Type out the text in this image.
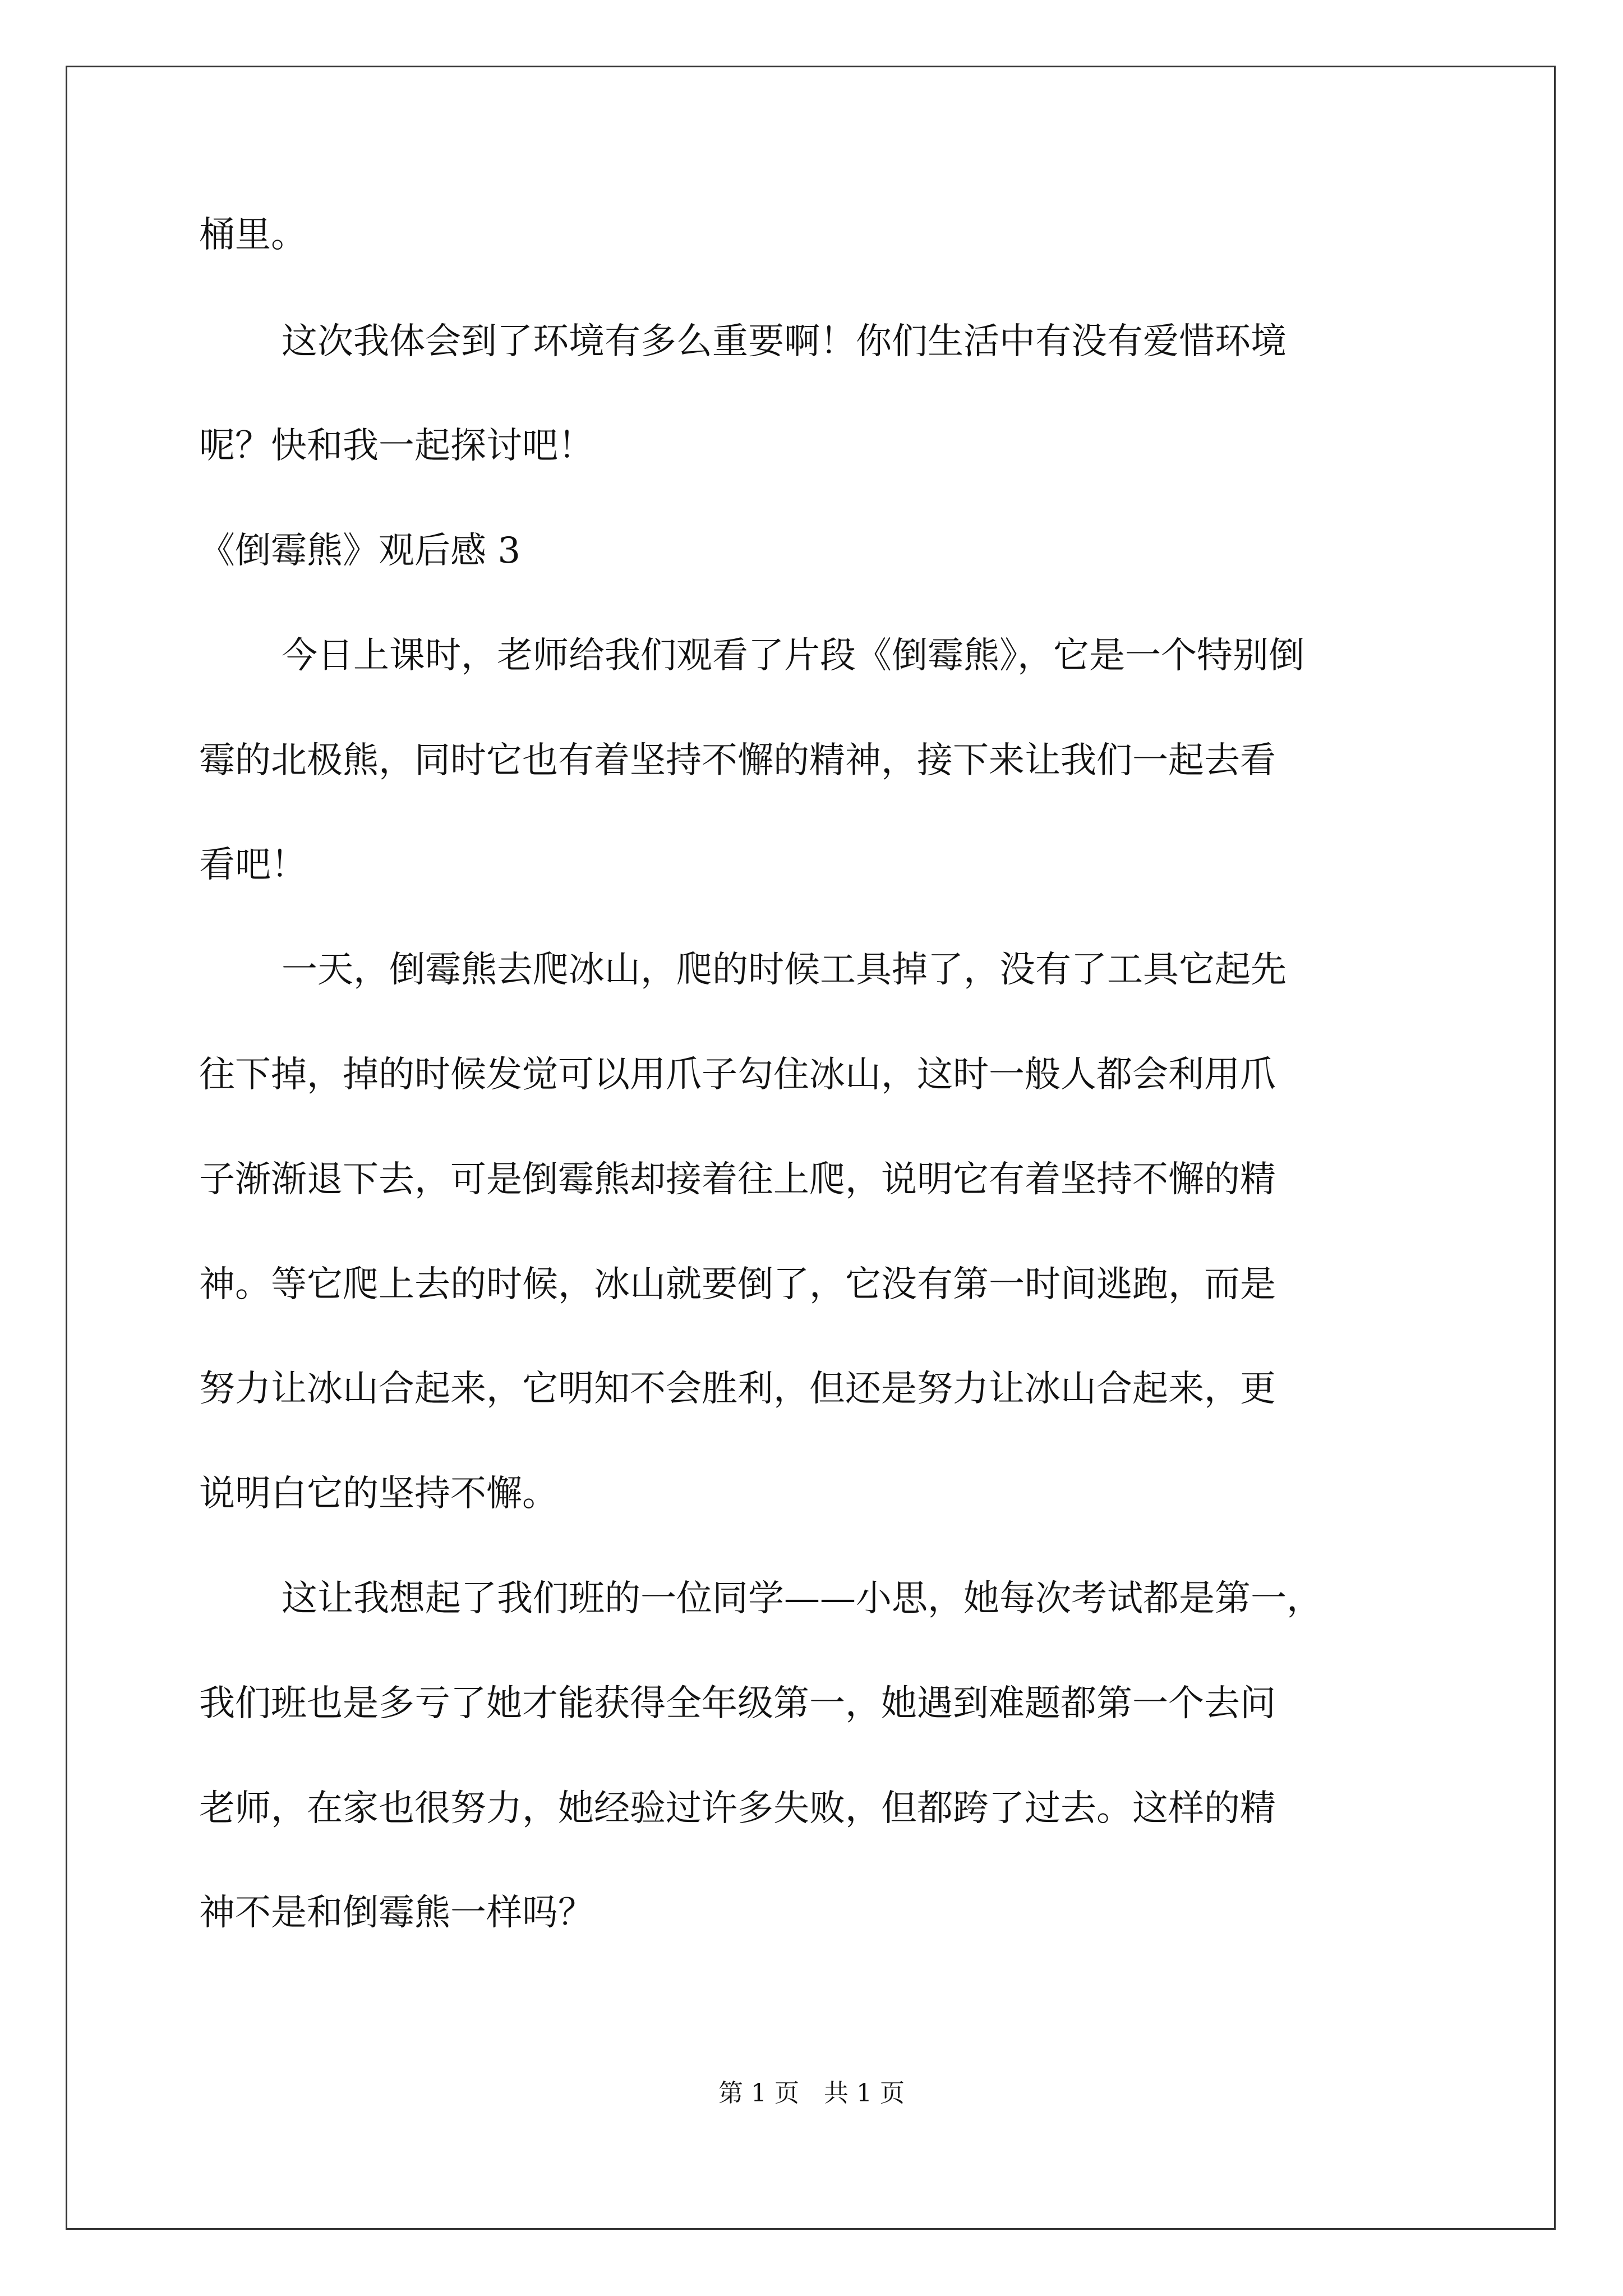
桶里。

这次我体会到了环境有多么重要啊！你们生活中有没有爱惜环境

呢？快和我一起探讨吧！

《倒霉熊》观后感 3

今日上课时，老师给我们观看了片段《倒霉熊》，它是一个特别倒

霉的北极熊，同时它也有着坚持不懈的精神，接下来让我们一起去看

看吧！

一天，倒霉熊去爬冰山，爬的时候工具掉了，没有了工具它起先

往下掉，掉的时候发觉可以用爪子勾住冰山，这时一般人都会利用爪

子渐渐退下去，可是倒霉熊却接着往上爬，说明它有着坚持不懈的精

神。等它爬上去的时候，冰山就要倒了，它没有第一时间逃跑，而是

努力让冰山合起来，它明知不会胜利，但还是努力让冰山合起来，更

说明白它的坚持不懈。

这让我想起了我们班的一位同学——小思，她每次考试都是第一，

我们班也是多亏了她才能获得全年级第一，她遇到难题都第一个去问

老师，在家也很努力，她经验过许多失败，但都跨了过去。这样的精

神不是和倒霉熊一样吗？

第 1 页　共 1 页
